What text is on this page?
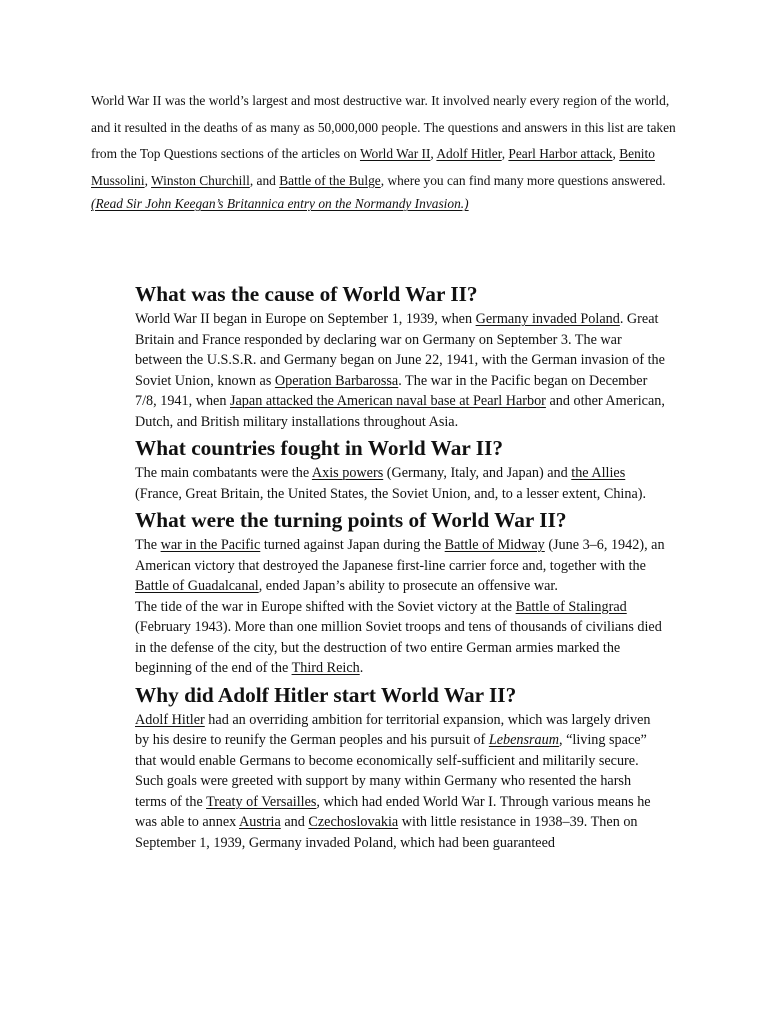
World War II was the world’s largest and most destructive war. It involved nearly every region of the world, and it resulted in the deaths of as many as 50,000,000 people. The questions and answers in this list are taken from the Top Questions sections of the articles on World War II, Adolf Hitler, Pearl Harbor attack, Benito Mussolini, Winston Churchill, and Battle of the Bulge, where you can find many more questions answered.

(Read Sir John Keegan’s Britannica entry on the Normandy Invasion.)

What was the cause of World War II?

World War II began in Europe on September 1, 1939, when Germany invaded Poland. Great Britain and France responded by declaring war on Germany on September 3. The war between the U.S.S.R. and Germany began on June 22, 1941, with the German invasion of the Soviet Union, known as Operation Barbarossa. The war in the Pacific began on December 7/8, 1941, when Japan attacked the American naval base at Pearl Harbor and other American, Dutch, and British military installations throughout Asia.

What countries fought in World War II?

The main combatants were the Axis powers (Germany, Italy, and Japan) and the Allies (France, Great Britain, the United States, the Soviet Union, and, to a lesser extent, China).

What were the turning points of World War II?

The war in the Pacific turned against Japan during the Battle of Midway (June 3–6, 1942), an American victory that destroyed the Japanese first-line carrier force and, together with the Battle of Guadalcanal, ended Japan’s ability to prosecute an offensive war.

The tide of the war in Europe shifted with the Soviet victory at the Battle of Stalingrad (February 1943). More than one million Soviet troops and tens of thousands of civilians died in the defense of the city, but the destruction of two entire German armies marked the beginning of the end of the Third Reich.

Why did Adolf Hitler start World War II?

Adolf Hitler had an overriding ambition for territorial expansion, which was largely driven by his desire to reunify the German peoples and his pursuit of Lebensraum, “living space” that would enable Germans to become economically self-sufficient and militarily secure. Such goals were greeted with support by many within Germany who resented the harsh terms of the Treaty of Versailles, which had ended World War I. Through various means he was able to annex Austria and Czechoslovakia with little resistance in 1938–39. Then on September 1, 1939, Germany invaded Poland, which had been guaranteed
